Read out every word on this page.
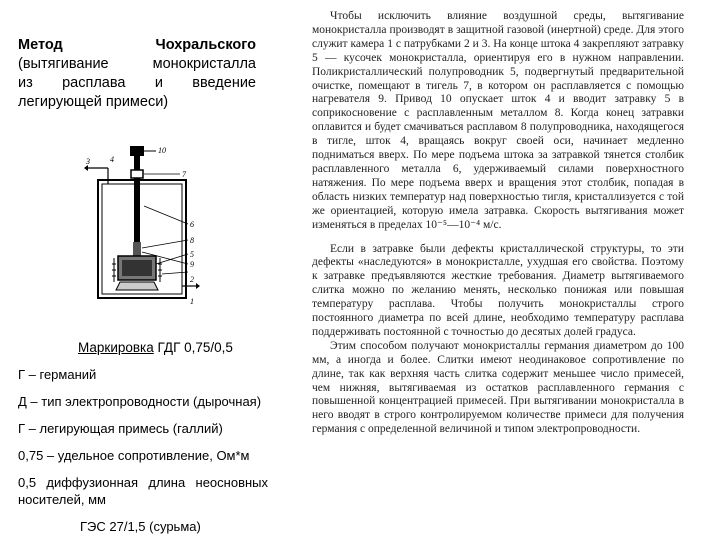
Метод Чохральского
(вытягивание монокристалла
из расплава и введение
легирующей примеси)
10
4
3
7
6
8
5
9
2
1
Маркировка ГДГ 0,75/0,5
Г – германий
Д – тип электропроводности (дырочная)
Г – легирующая примесь (галлий)
0,75 – удельное сопротивление, Ом*м
0,5 диффузионная длина неосновных носителей, мм
ГЭС 27/1,5 (сурьма)

Чтобы исключить влияние воздушной среды, вытягивание монокристалла производят в защитной газовой (инертной) среде. Для этого служит камера 1 с патрубками 2 и 3. На конце штока 4 закрепляют затравку 5 — кусочек монокристалла, ориентируя его в нужном направлении. Поликристаллический полупроводник 5, подвергнутый предварительной очистке, помещают в тигель 7, в котором он расплавляется с помощью нагревателя 9. Привод 10 опускает шток 4 и вводит затравку 5 в соприкосновение с расплавленным металлом 8. Когда конец затравки оплавится и будет смачиваться расплавом 8 полупроводника, находящегося в тигле, шток 4, вращаясь вокруг своей оси, начинает медленно подниматься вверх. По мере подъема штока за затравкой тянется столбик расплавленного металла 6, удерживаемый силами поверхностного натяжения. По мере подъема вверх и вращения этот столбик, попадая в область низких температур над поверхностью тигля, кристаллизуется с той же ориентацией, которую имела затравка. Скорость вытягивания может изменяться в пределах 10⁻⁵—10⁻⁴ м/с.

Если в затравке были дефекты кристаллической структуры, то эти дефекты «наследуются» в монокристалле, ухудшая его свойства. Поэтому к затравке предъявляются жесткие требования. Диаметр вытягиваемого слитка можно по желанию менять, несколько понижая или повышая температуру расплава. Чтобы получить монокристаллы строго постоянного диаметра по всей длине, необходимо температуру расплава поддерживать постоянной с точностью до десятых долей градуса.

Этим способом получают монокристаллы германия диаметром до 100 мм, а иногда и более. Слитки имеют неодинаковое сопротивление по длине, так как верхняя часть слитка содержит меньшее число примесей, чем нижняя, вытягиваемая из остатков расплавленного германия с повышенной концентрацией примесей. При вытягивании монокристалла в него вводят в строго контролируемом количестве примеси для получения германия с определенной величиной и типом электропроводности.
